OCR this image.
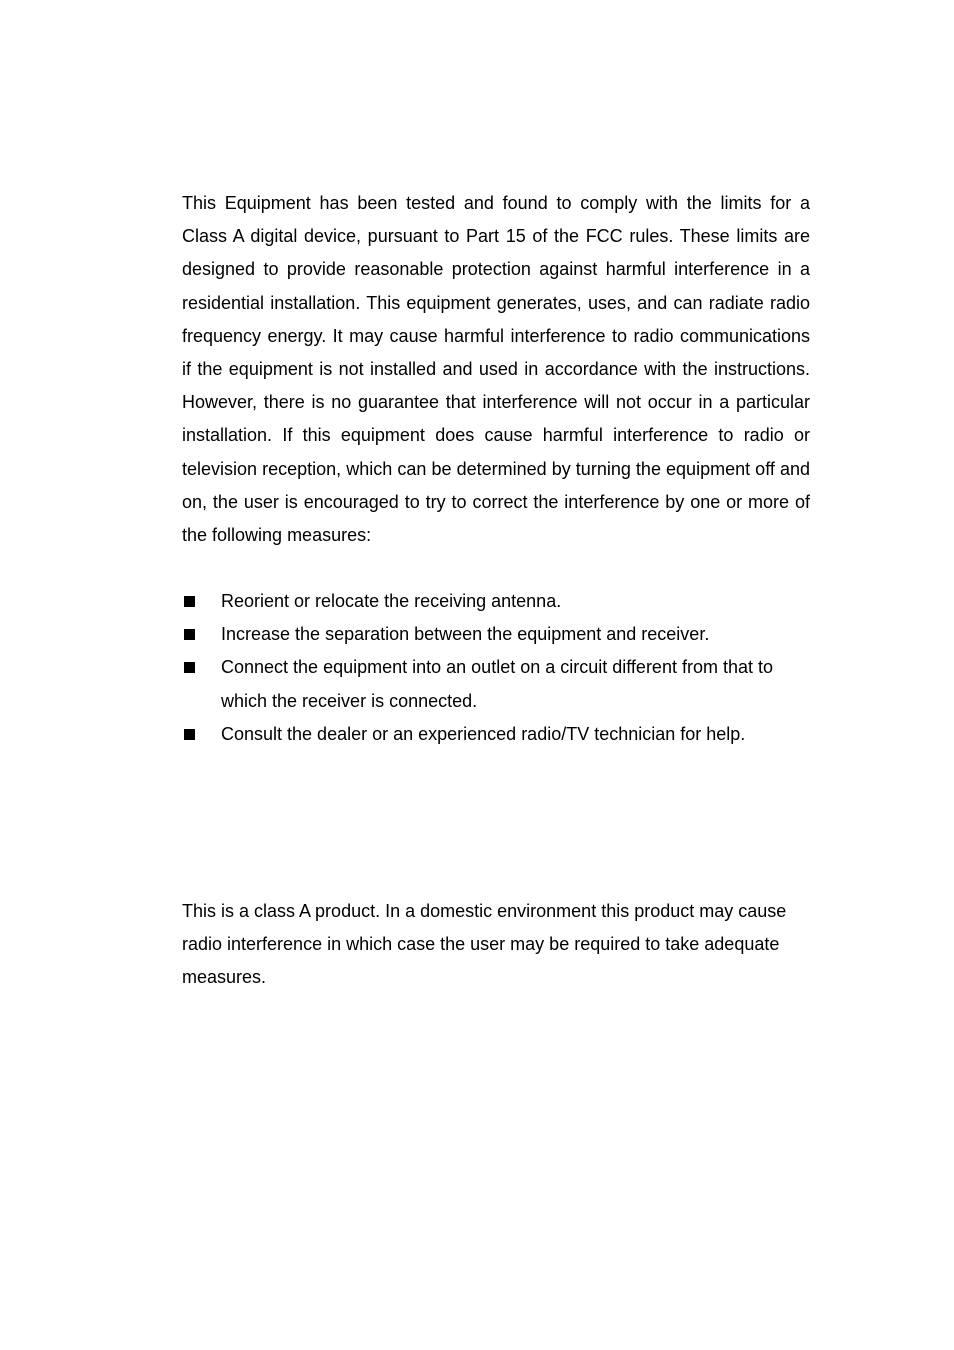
This Equipment has been tested and found to comply with the limits for a Class A digital device, pursuant to Part 15 of the FCC rules. These limits are designed to provide reasonable protection against harmful interference in a residential installation. This equipment generates, uses, and can radiate radio frequency energy. It may cause harmful interference to radio communications if the equipment is not installed and used in accordance with the instructions. However, there is no guarantee that interference will not occur in a particular installation. If this equipment does cause harmful interference to radio or television reception, which can be determined by turning the equipment off and on, the user is encouraged to try to correct the interference by one or more of the following measures:

Reorient or relocate the receiving antenna.
Increase the separation between the equipment and receiver.
Connect the equipment into an outlet on a circuit different from that to which the receiver is connected.
Consult the dealer or an experienced radio/TV technician for help.

This is a class A product. In a domestic environment this product may cause radio interference in which case the user may be required to take adequate measures.
